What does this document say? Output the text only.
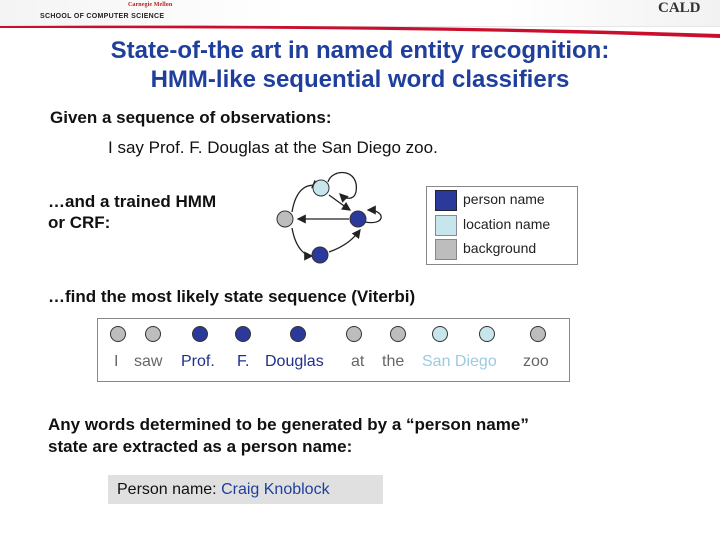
Carnegie Mellon
SCHOOL OF COMPUTER SCIENCE
CALD
State-of-the art in named entity recognition:
HMM-like sequential word classifiers
Given a sequence of observations:
I say Prof. F. Douglas at the San Diego zoo.
…and a trained HMM
or CRF:
person name
location name
background
…find the most likely state sequence (Viterbi)
I saw Prof. F. Douglas at the San Diego zoo
Any words determined to be generated by a “person name”
state are extracted as a person name:
Person name: Craig Knoblock
